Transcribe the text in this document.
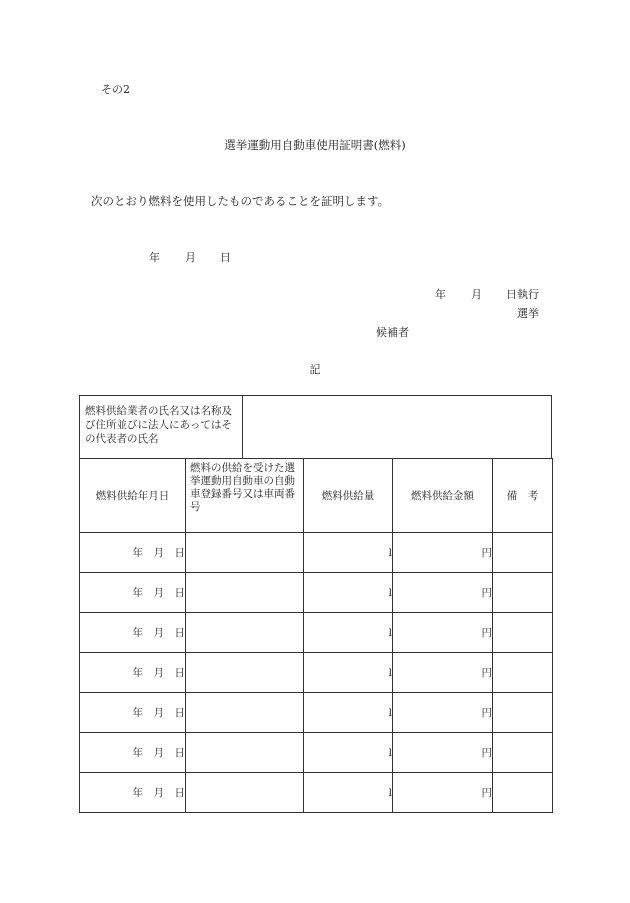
その2
選挙運動用自動車使用証明書(燃料)
次のとおり燃料を使用したものであることを証明します。
年 月 日
年 月 日執行
選挙
候補者
記
燃料供給業者の氏名又は名称及び住所並びに法人にあってはその代表者の氏名
燃料供給年月日	燃料の供給を受けた選挙運動用自動車の自動車登録番号又は車両番号	燃料供給量	燃料供給金額	備　考
年　月　日		l	円	
年　月　日		l	円	
年　月　日		l	円	
年　月　日		l	円	
年　月　日		l	円	
年　月　日		l	円	
年　月　日		l	円	
